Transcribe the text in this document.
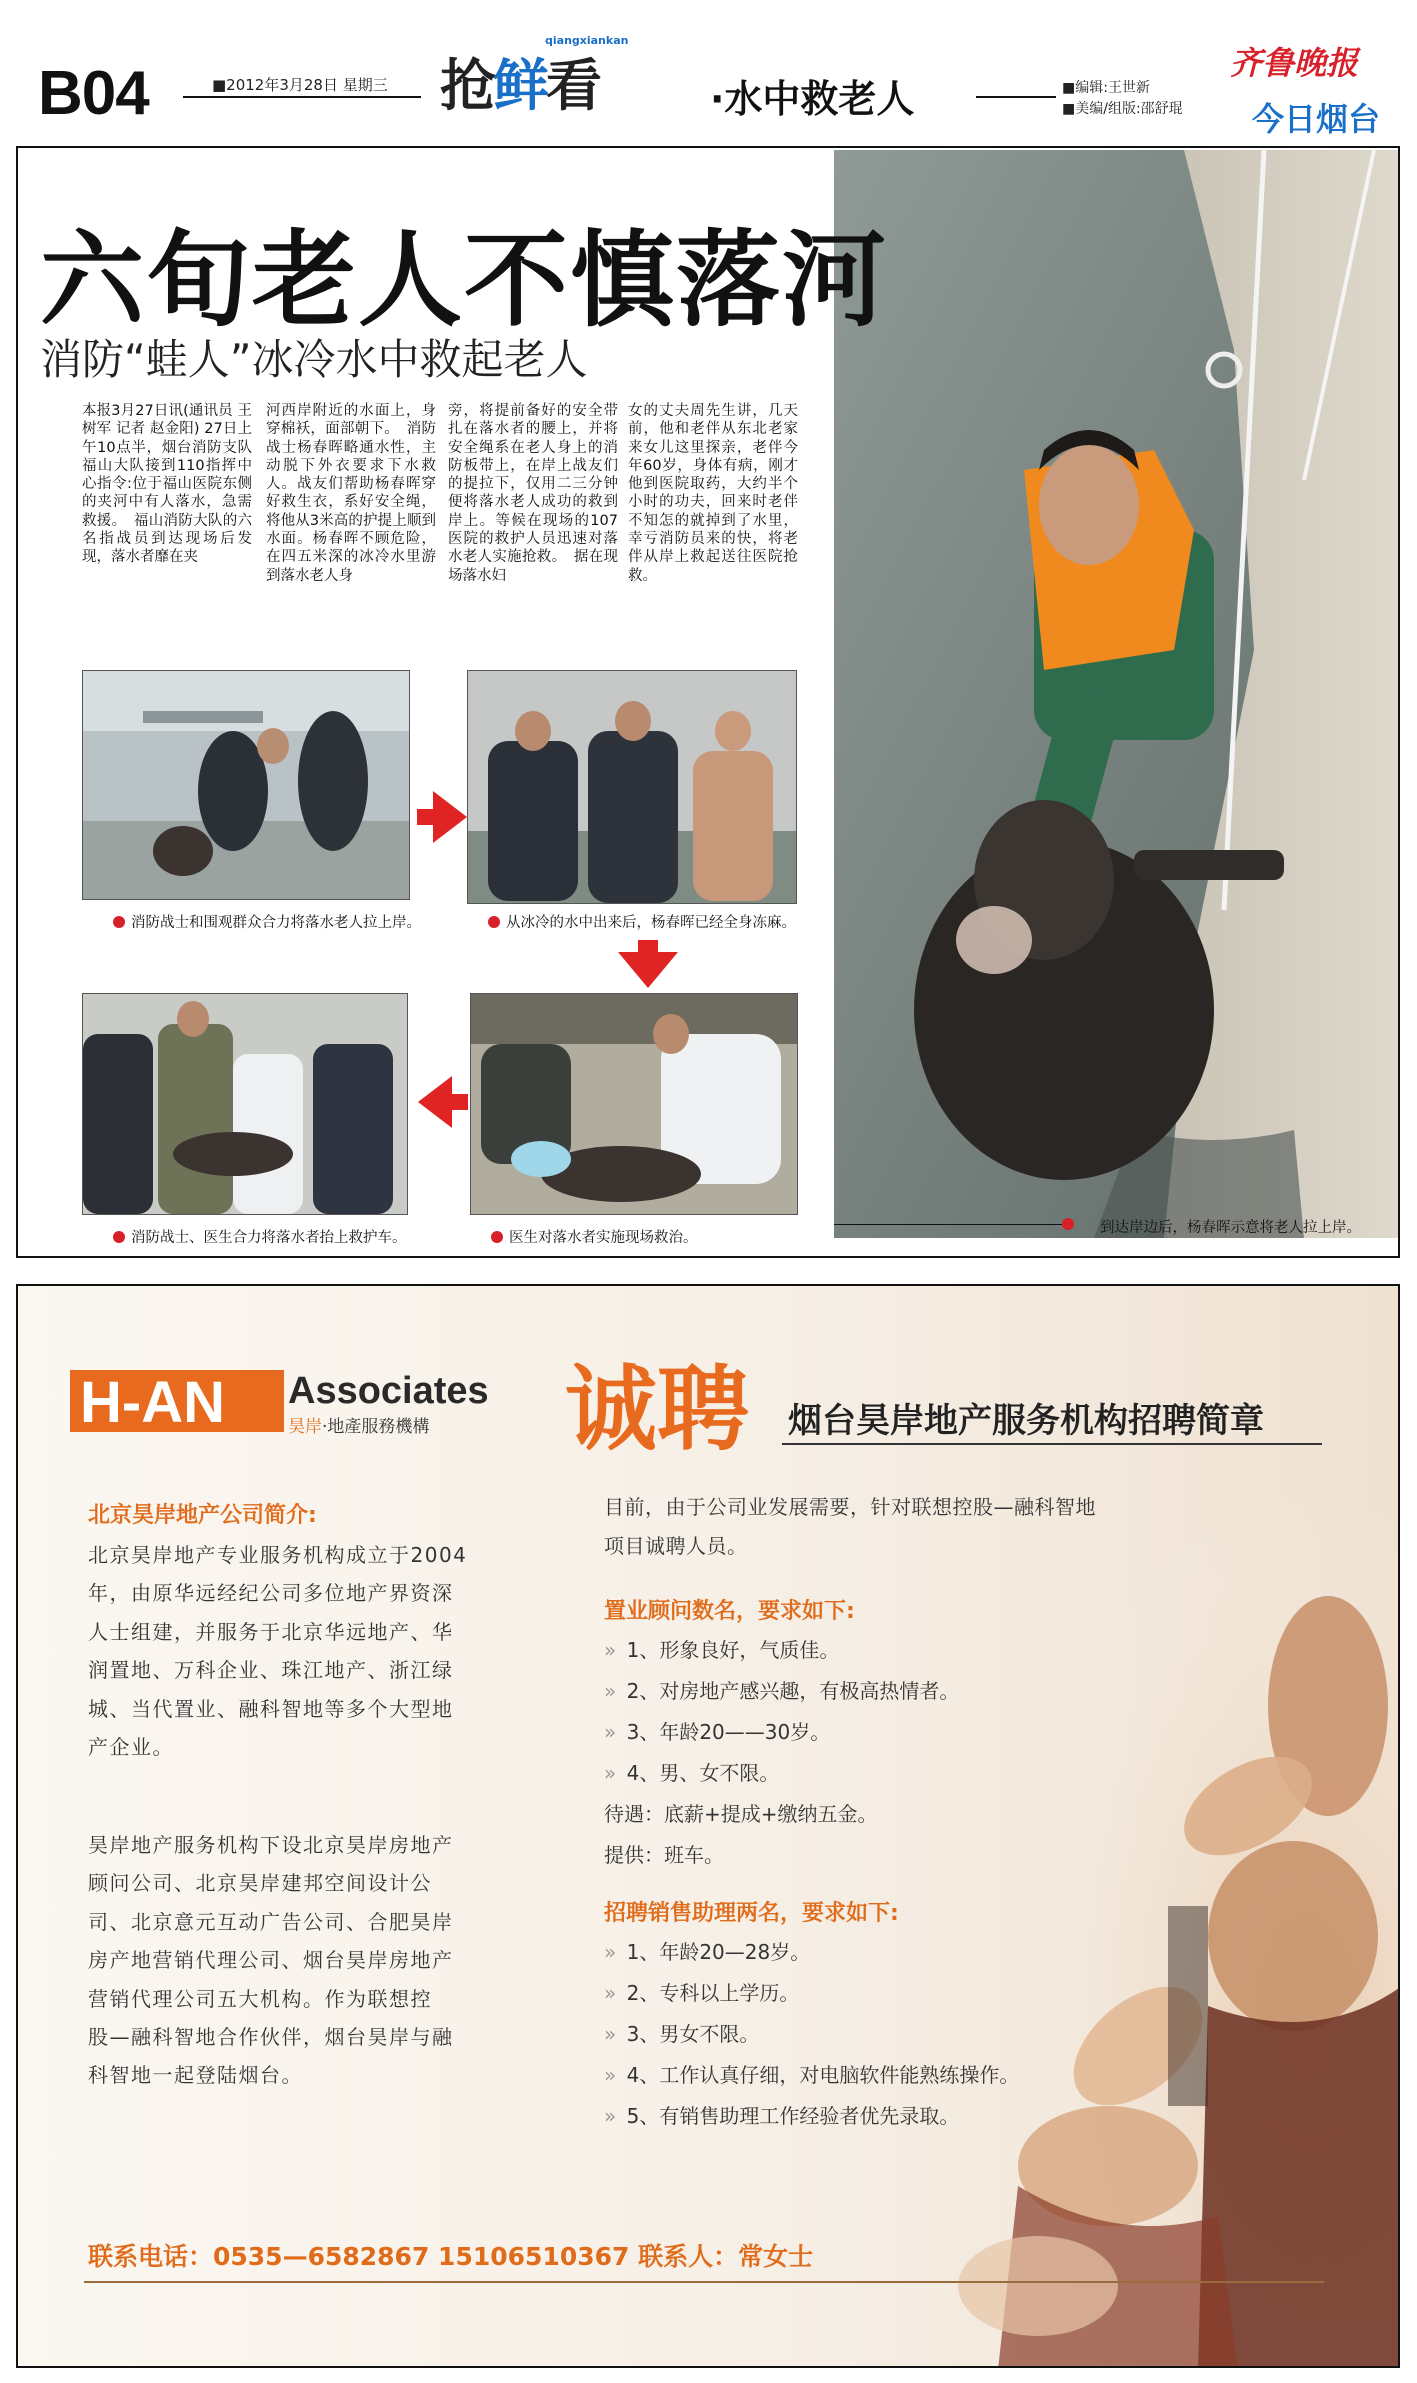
B04	■2012年3月28日 星期三
qiangxiankan
抢鲜看	·水中救老人	■编辑:王世新
■美编/组版:邵舒琨
齐鲁晚报
今日烟台
六旬老人不慎落河
消防“蛙人”冰冷水中救起老人

本报3月27日讯(通讯员 王树军 记者 赵金阳) 27日上午10点半，烟台消防支队福山大队接到110指挥中心指令:位于福山医院东侧的夹河中有人落水，急需救援。　福山消防大队的六名指战员到达现场后发现，落水者靡在夹

河西岸附近的水面上，身穿棉袄，面部朝下。　消防战士杨春晖略通水性，主动脱下外衣要求下水救人。战友们帮助杨春晖穿好救生衣，系好安全绳，将他从3米高的护提上顺到水面。杨春晖不顾危险，在四五米深的冰冷水里游到落水老人身

旁，将提前备好的安全带扎在落水者的腰上，并将安全绳系在老人身上的消防板带上，在岸上战友们的提拉下，仅用二三分钟便将落水老人成功的救到岸上。等候在现场的107医院的救护人员迅速对落水老人实施抢救。　据在现场落水妇

女的丈夫周先生讲，几天前，他和老伴从东北老家来女儿这里探亲，老伴今年60岁，身体有病，刚才他到医院取药，大约半个小时的功夫，回来时老伴不知怎的就掉到了水里，幸亏消防员来的快，将老伴从岸上救起送往医院抢救。

消防战士和围观群众合力将落水老人拉上岸。	从冰冷的水中出来后，杨春晖已经全身冻麻。
消防战士、医生合力将落水者抬上救护车。	医生对落水者实施现场救治。
到达岸边后，杨春晖示意将老人拉上岸。
H-AN Associates
昊岸·地產服務機構 诚聘 烟台昊岸地产服务机构招聘简章
北京昊岸地产公司简介:
北京昊岸地产专业服务机构成立于2004
年，由原华远经纪公司多位地产界资深
人士组建，并服务于北京华远地产、华
润置地、万科企业、珠江地产、浙江绿
城、当代置业、融科智地等多个大型地
产企业。
昊岸地产服务机构下设北京昊岸房地产
顾问公司、北京昊岸建邦空间设计公
司、北京意元互动广告公司、合肥昊岸
房产地营销代理公司、烟台昊岸房地产
营销代理公司五大机构。作为联想控
股—融科智地合作伙伴，烟台昊岸与融
科智地一起登陆烟台。
目前，由于公司业发展需要，针对联想控股—融科智地
项目诚聘人员。
置业顾问数名，要求如下:
» 1、形象良好，气质佳。
» 2、对房地产感兴趣，有极高热情者。
» 3、年龄20——30岁。
» 4、男、女不限。
待遇：底薪+提成+缴纳五金。
提供：班车。
招聘销售助理两名，要求如下:
» 1、年龄20—28岁。
» 2、专科以上学历。
» 3、男女不限。
» 4、工作认真仔细，对电脑软件能熟练操作。
» 5、有销售助理工作经验者优先录取。
联系电话：0535—6582867 15106510367 联系人：常女士
